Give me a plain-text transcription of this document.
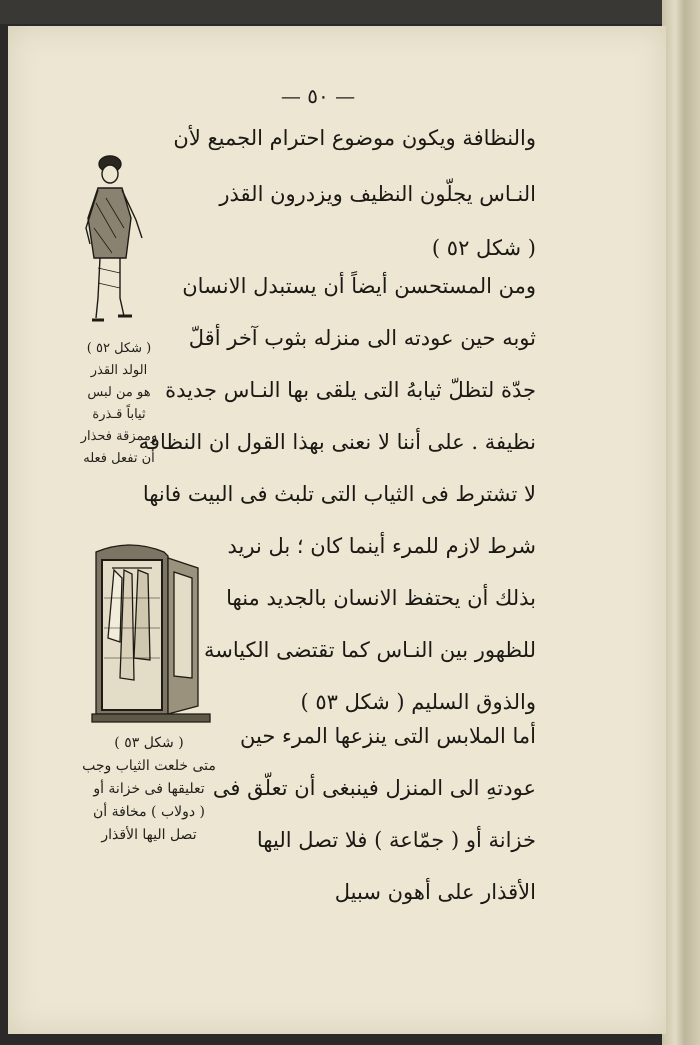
— ٥٠ —
والنظافة ويكون موضوع احترام الجميع لأن
النـاس يجلّون النظيف ويزدرون القذر
( شكل ٥٢ )
ومن المستحسن أيضاً أن يستبدل الانسان
ثوبه حين عودته الى منزله بثوب آخر أقلّ
جدّة لتظلّ ثيابهُ التى يلقى بها النـاس جديدة
نظيفة . على أننا لا نعنى بهذا القول ان النظافة
لا تشترط فى الثياب التى تلبث فى البيت فانها
شرط لازم للمرء أينما كان ؛ بل نريد
بذلك أن يحتفظ الانسان بالجديد منها
للظهور بين النـاس كما تقتضى الكياسة
والذوق السليم ( شكل ٥٣ )
أما الملابس التى ينزعها المرء حين
عودتهِ الى المنزل فينبغى أن تعلّق فى
خزانة أو ( جمّاعة ) فلا تصل اليها
الأقذار على أهون سبيل
( شكل ٥٢ )
الولد القذر
هو من لبس
ثياباً قـذرة
وممزقة فحذار
أن تفعل فعله
( شكل ٥٣ )
متى خلعت الثياب وجب
تعليقها فى خزانة أو
( دولاب ) مخافة أن
تصل اليها الأقذار
